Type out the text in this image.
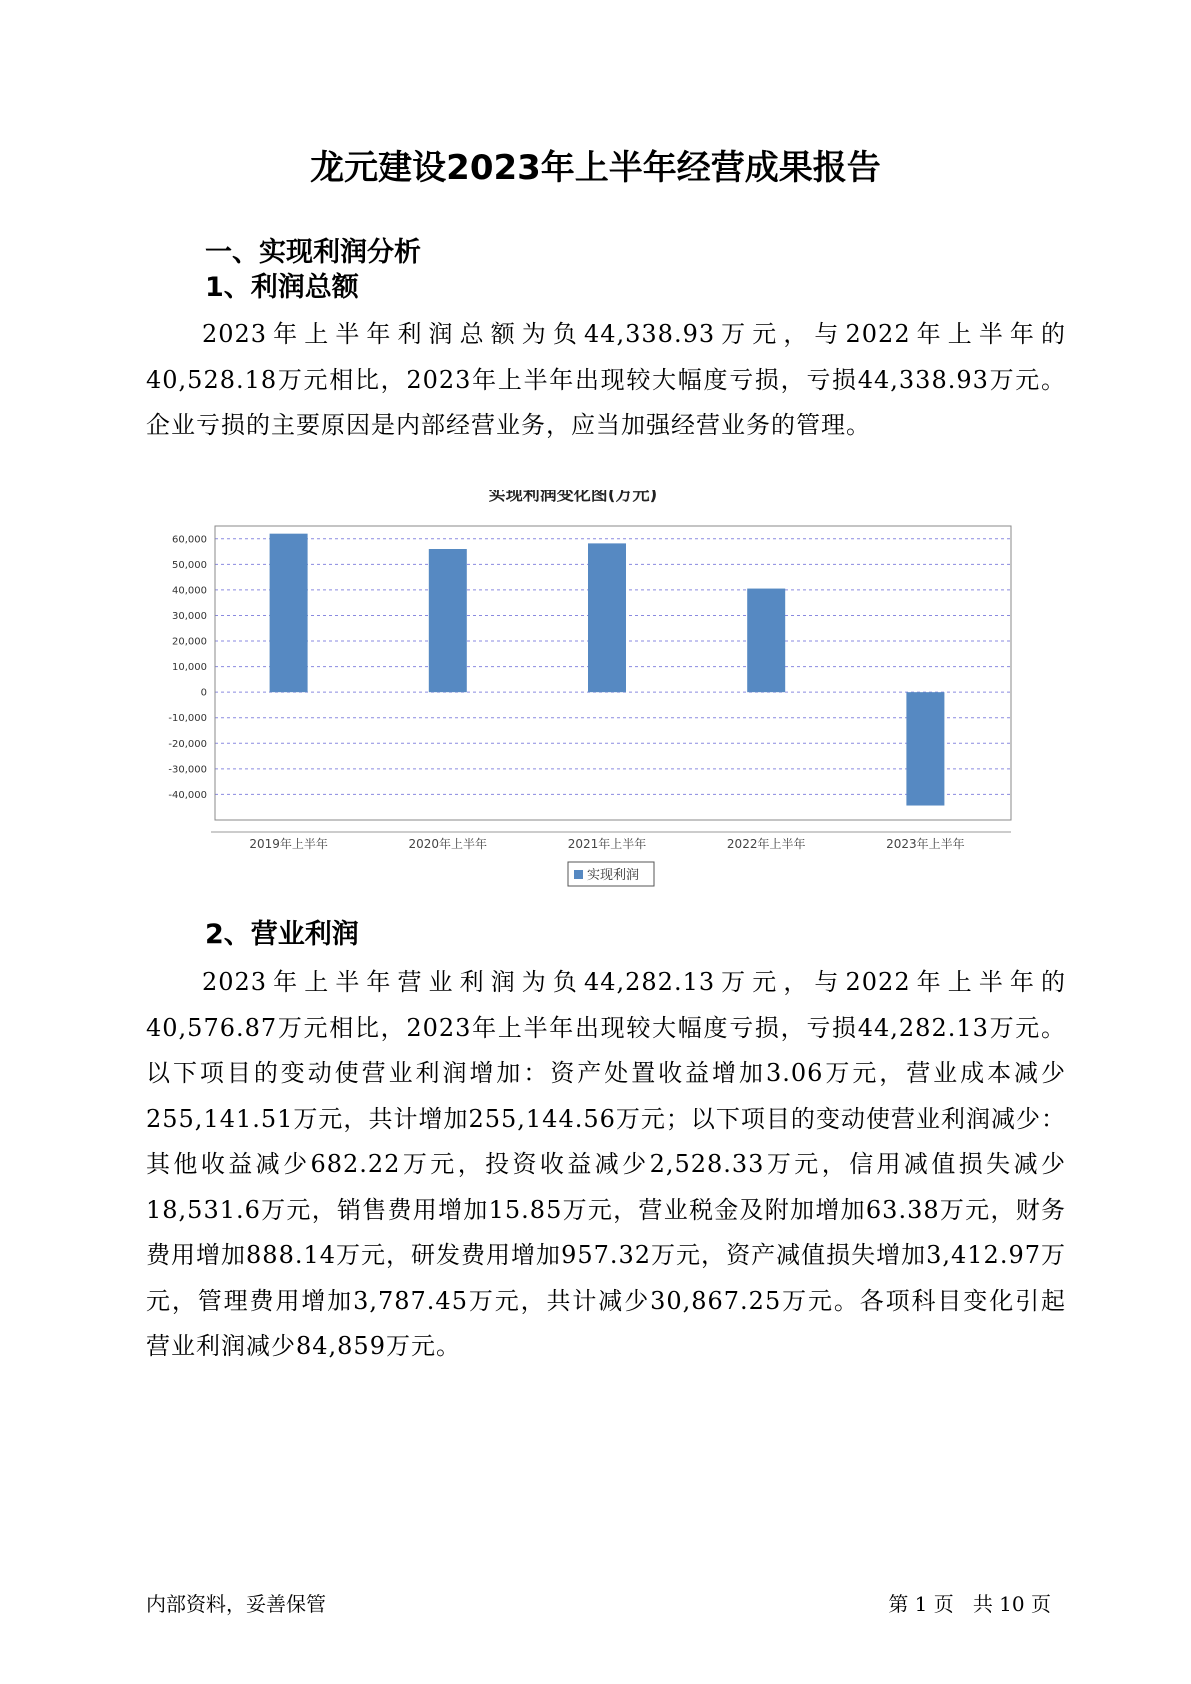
龙元建设2023年上半年经营成果报告
一、实现利润分析
1、利润总额
2023年上半年利润总额为负44,338.93万元，与2022年上半年的40,528.18万元相比，2023年上半年出现较大幅度亏损，亏损44,338.93万元。 企业亏损的主要原因是内部经营业务，应当加强经营业务的管理。
实现利润变化图(万元)
60,000
50,000
40,000
30,000
20,000
10,000
0
-10,000
-20,000
-30,000
-40,000
2019年上半年	2020年上半年	2021年上半年	2022年上半年	2023年上半年
实现利润
2、营业利润
2023年上半年营业利润为负44,282.13万元，与2022年上半年的40,576.87万元相比，2023年上半年出现较大幅度亏损，亏损44,282.13万元。 以下项目的变动使营业利润增加：资产处置收益增加3.06万元，营业成本减少255,141.51万元，共计增加255,144.56万元；以下项目的变动使营业利润减少：其他收益减少682.22万元，投资收益减少2,528.33万元，信用减值损失减少18,531.6万元，销售费用增加15.85万元，营业税金及附加增加63.38万元，财务费用增加888.14万元，研发费用增加957.32万元，资产减值损失增加3,412.97万元，管理费用增加3,787.45万元，共计减少30,867.25万元。各项科目变化引起营业利润减少84,859万元。
内部资料，妥善保管	第 1 页   共 10 页
